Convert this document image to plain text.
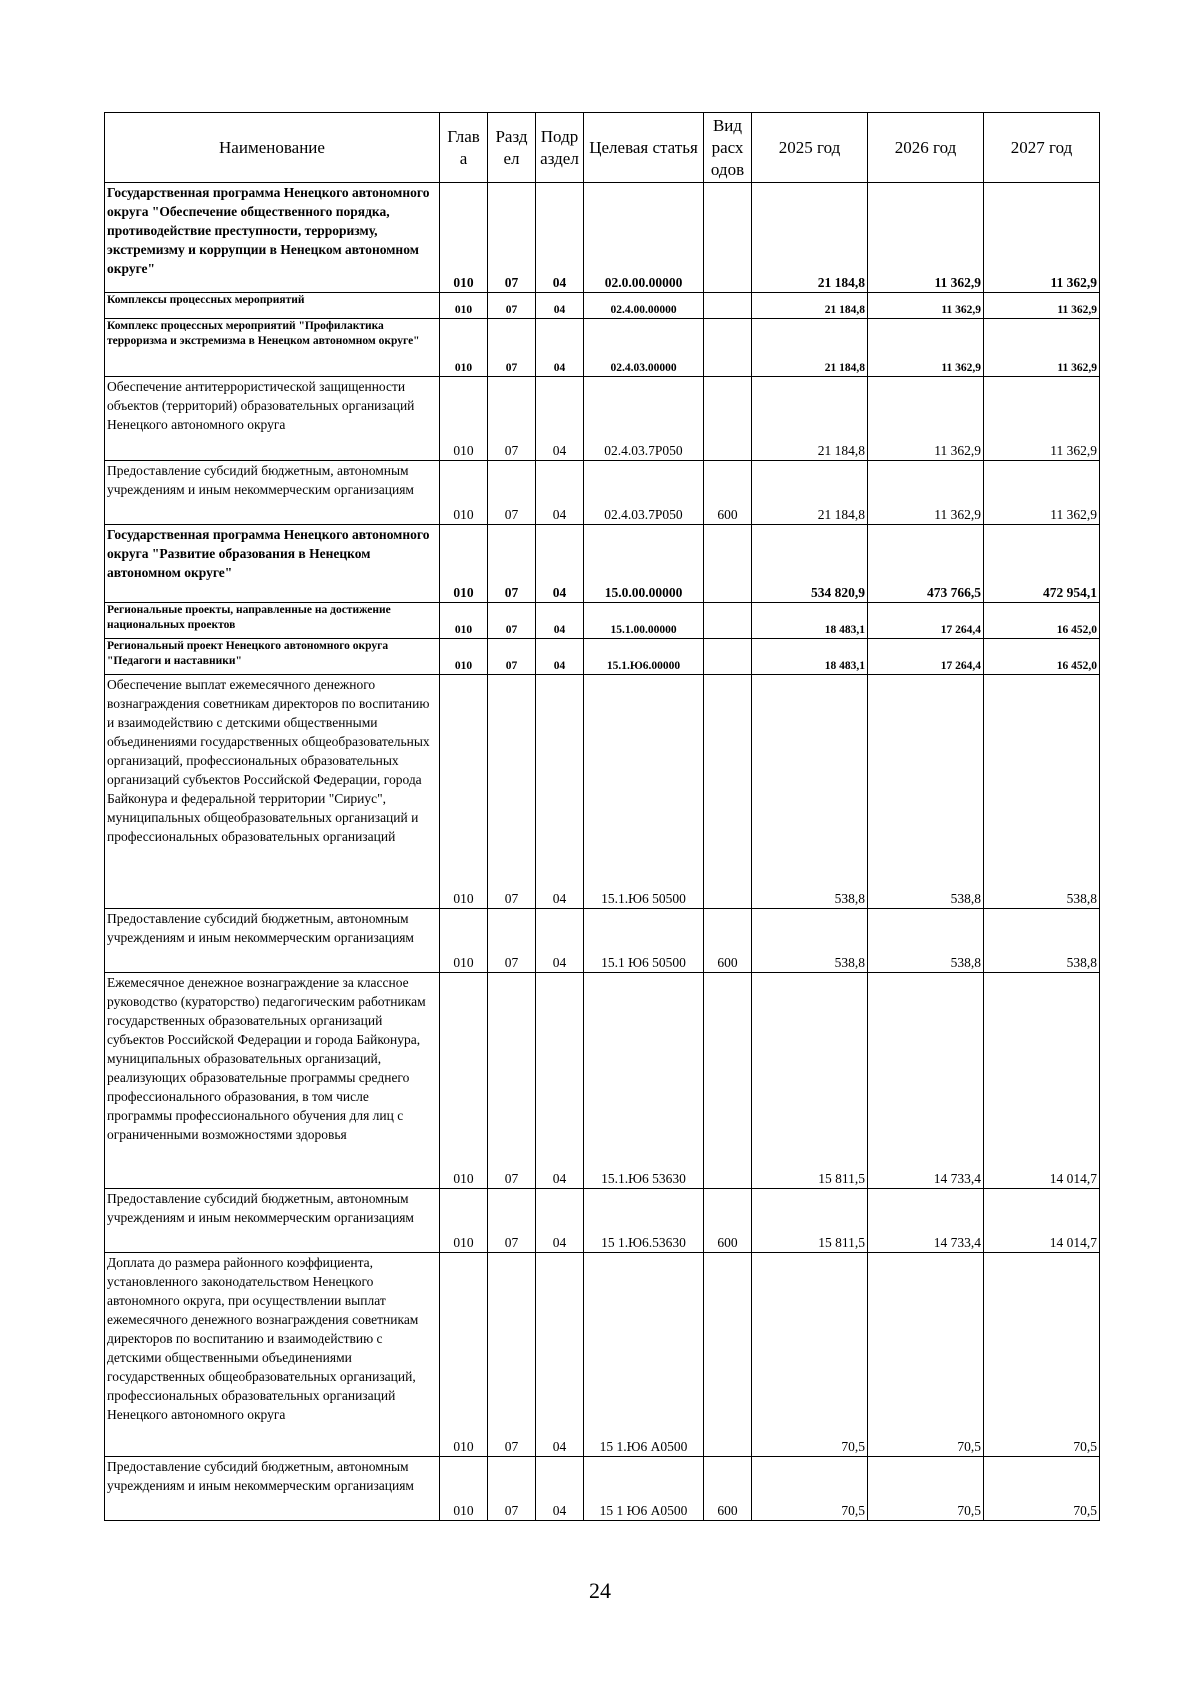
Наименование	Глав а	Разд ел	Подр аздел	Целевая статья	Вид расх одов	2025 год	2026 год	2027 год
Государственная программа Ненецкого автономного округа "Обеспечение общественного порядка, противодействие преступности, терроризму, экстремизму и коррупции в Ненецком автономном округе"	010	07	04	02.0.00.00000		21 184,8	11 362,9	11 362,9
Комплексы процессных мероприятий	010	07	04	02.4.00.00000		21 184,8	11 362,9	11 362,9
Комплекс процессных мероприятий "Профилактика терроризма и экстремизма в Ненецком автономном округе"	010	07	04	02.4.03.00000		21 184,8	11 362,9	11 362,9
Обеспечение антитеррористической защищенности объектов (территорий) образовательных организаций Ненецкого автономного округа	010	07	04	02.4.03.7Р050		21 184,8	11 362,9	11 362,9
Предоставление субсидий бюджетным, автономным учреждениям и иным некоммерческим организациям	010	07	04	02.4.03.7Р050	600	21 184,8	11 362,9	11 362,9
Государственная программа Ненецкого автономного округа "Развитие образования в Ненецком автономном округе"	010	07	04	15.0.00.00000		534 820,9	473 766,5	472 954,1
Региональные проекты, направленные на достижение национальных проектов	010	07	04	15.1.00.00000		18 483,1	17 264,4	16 452,0
Региональный проект Ненецкого автономного округа "Педагоги и наставники"	010	07	04	15.1.Ю6.00000		18 483,1	17 264,4	16 452,0
Обеспечение выплат ежемесячного денежного вознаграждения советникам директоров по воспитанию и взаимодействию с детскими общественными объединениями государственных общеобразовательных организаций, профессиональных образовательных организаций субъектов Российской Федерации, города Байконура и федеральной территории "Сириус", муниципальных общеобразовательных организаций и профессиональных образовательных организаций	010	07	04	15.1.Ю6 50500		538,8	538,8	538,8
Предоставление субсидий бюджетным, автономным учреждениям и иным некоммерческим организациям	010	07	04	15.1 Ю6 50500	600	538,8	538,8	538,8
Ежемесячное денежное вознаграждение за классное руководство (кураторство) педагогическим работникам государственных образовательных организаций субъектов Российской Федерации и города Байконура, муниципальных образовательных организаций, реализующих образовательные программы среднего профессионального образования, в том числе программы профессионального обучения для лиц с ограниченными возможностями здоровья	010	07	04	15.1.Ю6 53630		15 811,5	14 733,4	14 014,7
Предоставление субсидий бюджетным, автономным учреждениям и иным некоммерческим организациям	010	07	04	15 1.Ю6.53630	600	15 811,5	14 733,4	14 014,7
Доплата до размера районного коэффициента, установленного законодательством Ненецкого автономного округа, при осуществлении выплат ежемесячного денежного вознаграждения советникам директоров по воспитанию и взаимодействию с детскими общественными объединениями государственных общеобразовательных организаций, профессиональных образовательных организаций Ненецкого автономного округа	010	07	04	15 1.Ю6 А0500		70,5	70,5	70,5
Предоставление субсидий бюджетным, автономным учреждениям и иным некоммерческим организациям	010	07	04	15 1 Ю6 А0500	600	70,5	70,5	70,5
24
